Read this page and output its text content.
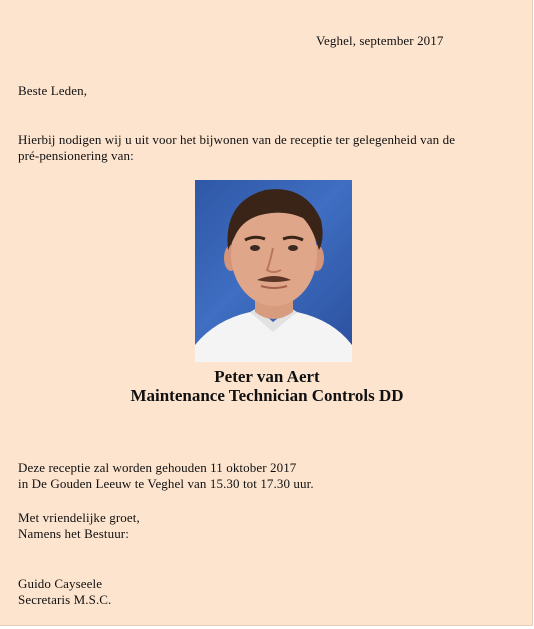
Veghel, september 2017
Beste Leden,
Hierbij nodigen wij u uit voor het bijwonen van de receptie ter gelegenheid van de
pré-pensionering van:
Peter van Aert
Maintenance Technician Controls DD
Deze receptie zal worden gehouden 11 oktober 2017
in De Gouden Leeuw te Veghel van 15.30 tot 17.30 uur.
Met vriendelijke groet,
Namens het Bestuur:
Guido Cayseele
Secretaris M.S.C.
